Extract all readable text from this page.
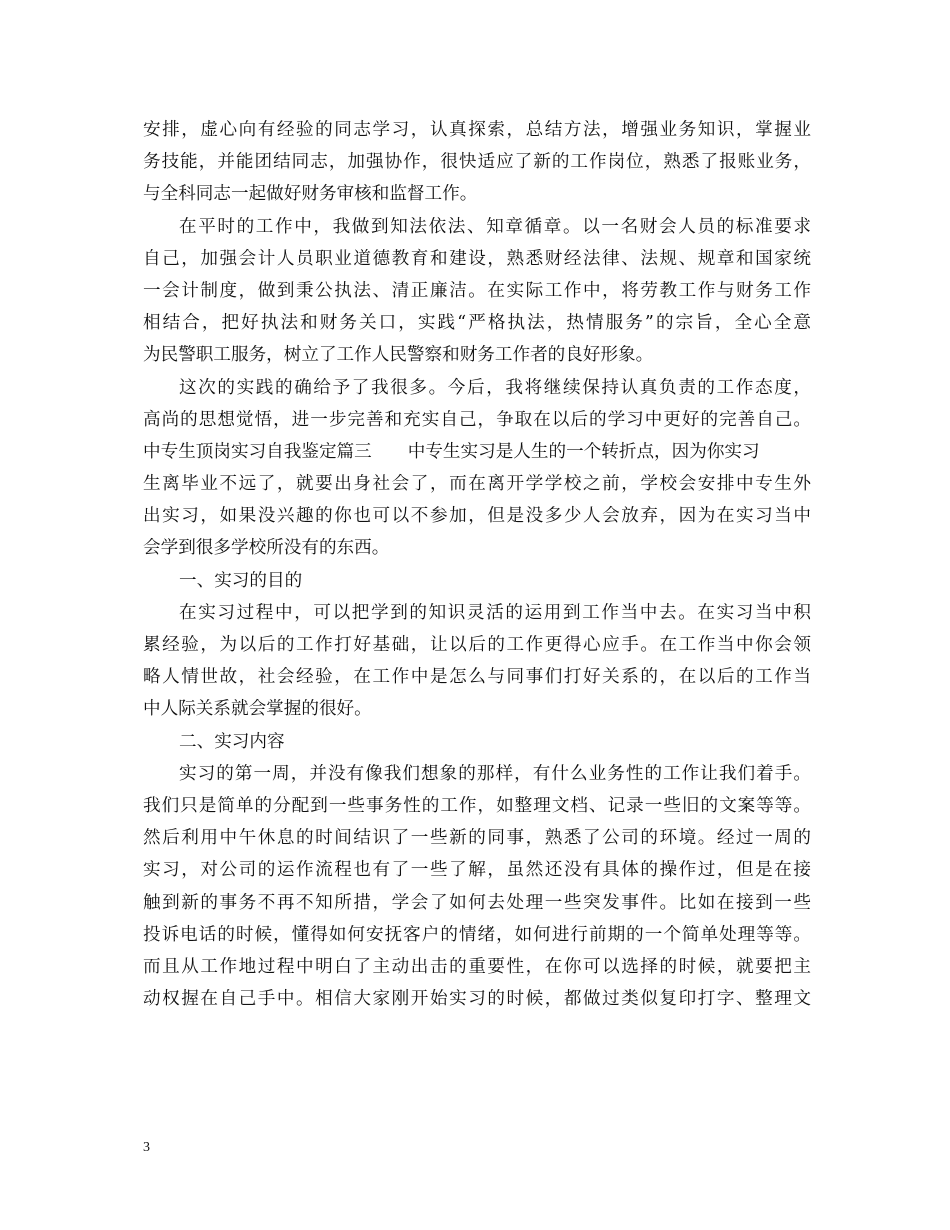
安排，虚心向有经验的同志学习，认真探索，总结方法，增强业务知识，掌握业
务技能，并能团结同志，加强协作，很快适应了新的工作岗位，熟悉了报账业务，
与全科同志一起做好财务审核和监督工作。
在平时的工作中，我做到知法依法、知章循章。以一名财会人员的标准要求
自己，加强会计人员职业道德教育和建设，熟悉财经法律、法规、规章和国家统
一会计制度，做到秉公执法、清正廉洁。在实际工作中，将劳教工作与财务工作
相结合，把好执法和财务关口，实践“严格执法，热情服务”的宗旨，全心全意
为民警职工服务，树立了工作人民警察和财务工作者的良好形象。
这次的实践的确给予了我很多。今后，我将继续保持认真负责的工作态度，
高尚的思想觉悟，进一步完善和充实自己，争取在以后的学习中更好的完善自己。
中专生顶岗实习自我鉴定篇三 中专生实习是人生的一个转折点，因为你实习
生离毕业不远了，就要出身社会了，而在离开学学校之前，学校会安排中专生外
出实习，如果没兴趣的你也可以不参加，但是没多少人会放弃，因为在实习当中
会学到很多学校所没有的东西。
一、实习的目的
在实习过程中，可以把学到的知识灵活的运用到工作当中去。在实习当中积
累经验，为以后的工作打好基础，让以后的工作更得心应手。在工作当中你会领
略人情世故，社会经验，在工作中是怎么与同事们打好关系的，在以后的工作当
中人际关系就会掌握的很好。
二、实习内容
实习的第一周，并没有像我们想象的那样，有什么业务性的工作让我们着手。
我们只是简单的分配到一些事务性的工作，如整理文档、记录一些旧的文案等等。
然后利用中午休息的时间结识了一些新的同事，熟悉了公司的环境。经过一周的
实习，对公司的运作流程也有了一些了解，虽然还没有具体的操作过，但是在接
触到新的事务不再不知所措，学会了如何去处理一些突发事件。比如在接到一些
投诉电话的时候，懂得如何安抚客户的情绪，如何进行前期的一个简单处理等等。
而且从工作地过程中明白了主动出击的重要性，在你可以选择的时候，就要把主
动权握在自己手中。相信大家刚开始实习的时候，都做过类似复印打字、整理文
3
